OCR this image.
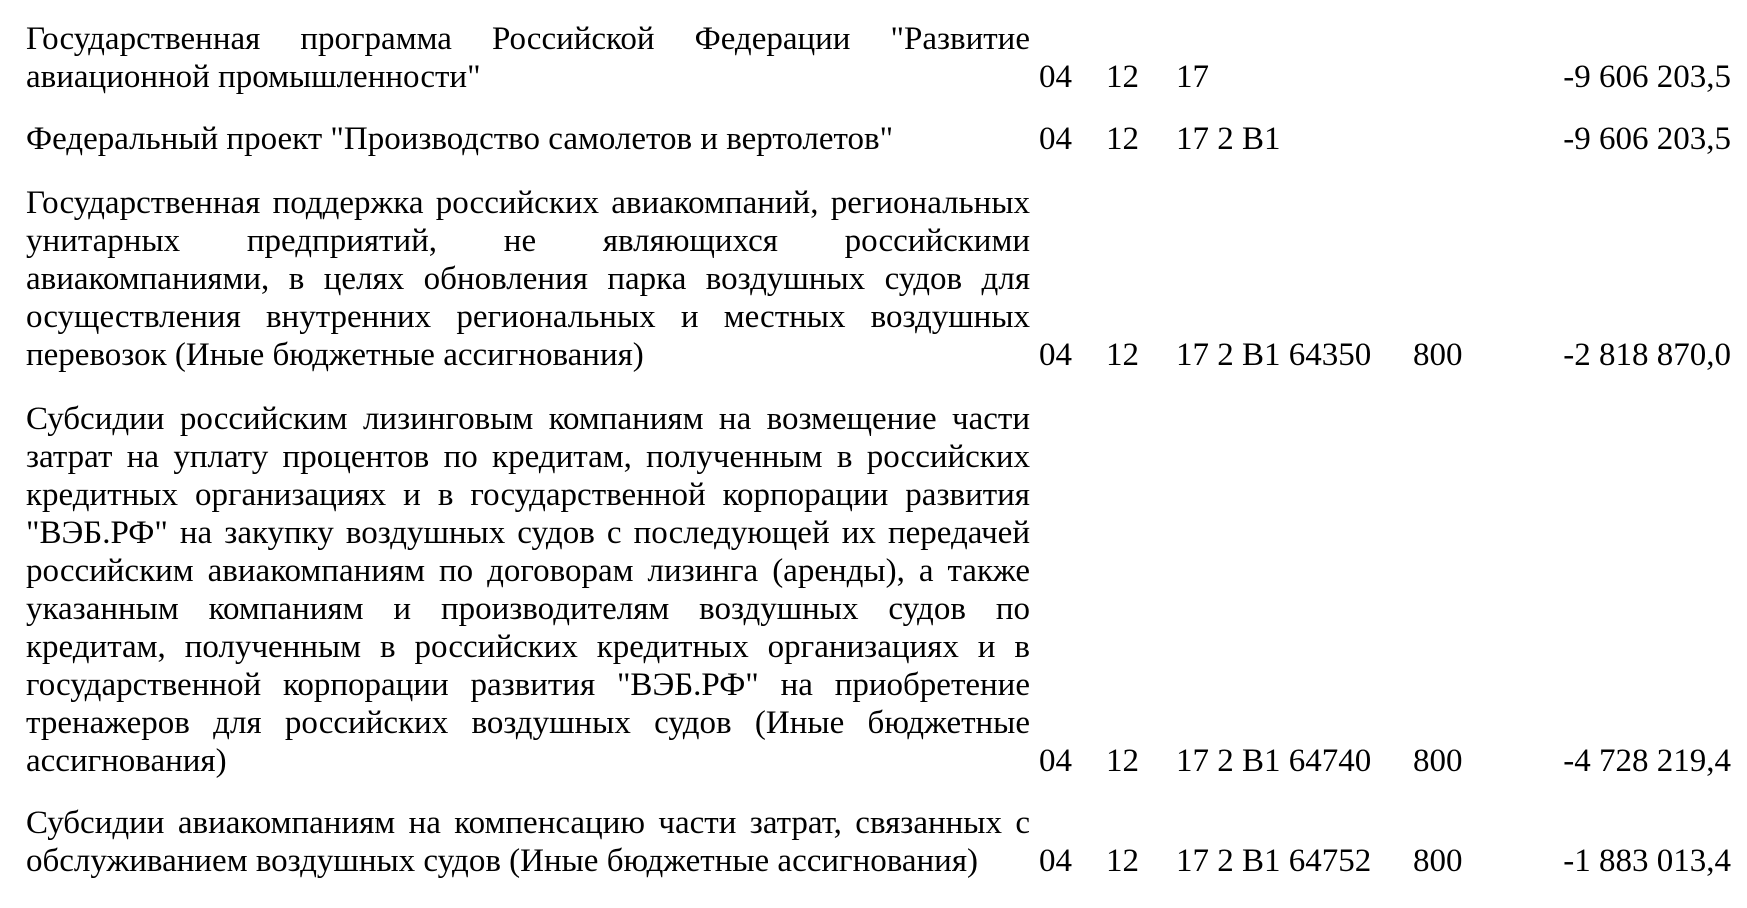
Государственная программа Российской Федерации "Развитие авиационной промышленности"	04 12 17	-9 606 203,5
Федеральный проект "Производство самолетов и вертолетов"	04 12 17 2 В1	-9 606 203,5
Государственная поддержка российских авиакомпаний, региональных унитарных предприятий, не являющихся российскими авиакомпаниями, в целях обновления парка воздушных судов для осуществления внутренних региональных и местных воздушных перевозок (Иные бюджетные ассигнования)	04 12 17 2 В1 64350 800	-2 818 870,0
Субсидии российским лизинговым компаниям на возмещение части затрат на уплату процентов по кредитам, полученным в российских кредитных организациях и в государственной корпорации развития "ВЭБ.РФ" на закупку воздушных судов с последующей их передачей российским авиакомпаниям по договорам лизинга (аренды), а также указанным компаниям и производителям воздушных судов по кредитам, полученным в российских кредитных организациях и в государственной корпорации развития "ВЭБ.РФ" на приобретение тренажеров для российских воздушных судов (Иные бюджетные ассигнования)	04 12 17 2 В1 64740 800	-4 728 219,4
Субсидии авиакомпаниям на компенсацию части затрат, связанных с обслуживанием воздушных судов (Иные бюджетные ассигнования)	04 12 17 2 В1 64752 800	-1 883 013,4
